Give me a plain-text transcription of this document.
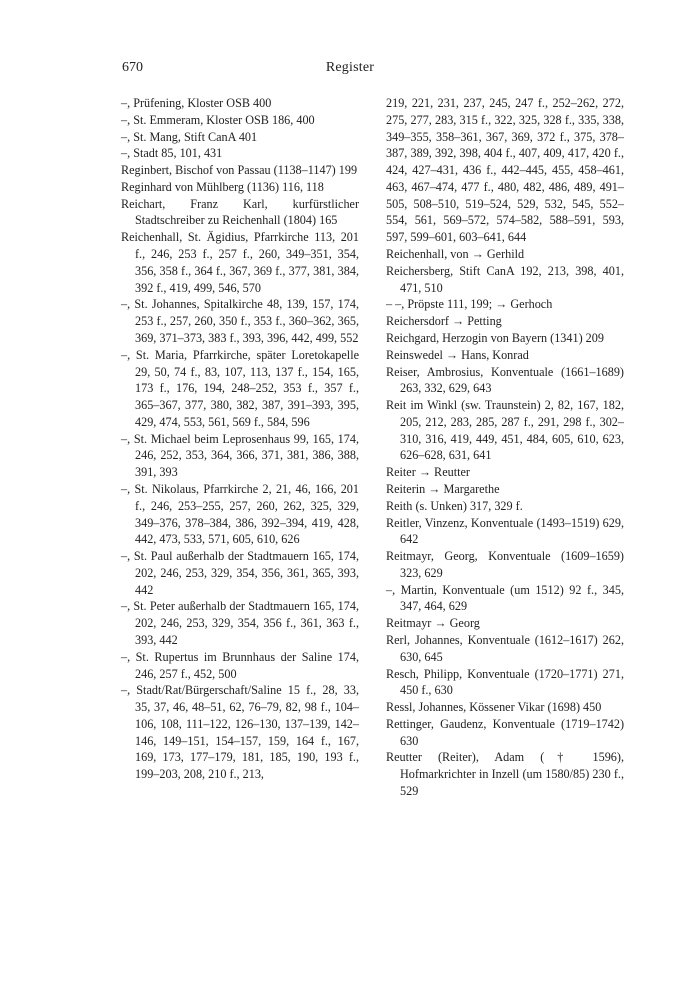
670	Register
–, Prüfening, Kloster OSB 400
–, St. Emmeram, Kloster OSB 186, 400
–, St. Mang, Stift CanA 401
–, Stadt 85, 101, 431
Reginbert, Bischof von Passau (1138–1147) 199
Reginhard von Mühlberg (1136) 116, 118
Reichart, Franz Karl, kurfürstlicher Stadtschreiber zu Reichenhall (1804) 165
Reichenhall, St. Ägidius, Pfarrkirche 113, 201 f., 246, 253 f., 257 f., 260, 349–351, 354, 356, 358 f., 364 f., 367, 369 f., 377, 381, 384, 392 f., 419, 499, 546, 570
–, St. Johannes, Spitalkirche 48, 139, 157, 174, 253 f., 257, 260, 350 f., 353 f., 360–362, 365, 369, 371–373, 383 f., 393, 396, 442, 499, 552
–, St. Maria, Pfarrkirche, später Loretokapelle 29, 50, 74 f., 83, 107, 113, 137 f., 154, 165, 173 f., 176, 194, 248–252, 353 f., 357 f., 365–367, 377, 380, 382, 387, 391–393, 395, 429, 474, 553, 561, 569 f., 584, 596
–, St. Michael beim Leprosenhaus 99, 165, 174, 246, 252, 353, 364, 366, 371, 381, 386, 388, 391, 393
–, St. Nikolaus, Pfarrkirche 2, 21, 46, 166, 201 f., 246, 253–255, 257, 260, 262, 325, 329, 349–376, 378–384, 386, 392–394, 419, 428, 442, 473, 533, 571, 605, 610, 626
–, St. Paul außerhalb der Stadtmauern 165, 174, 202, 246, 253, 329, 354, 356, 361, 365, 393, 442
–, St. Peter außerhalb der Stadtmauern 165, 174, 202, 246, 253, 329, 354, 356 f., 361, 363 f., 393, 442
–, St. Rupertus im Brunnhaus der Saline 174, 246, 257 f., 452, 500
–, Stadt/Rat/Bürgerschaft/Saline 15 f., 28, 33, 35, 37, 46, 48–51, 62, 76–79, 82, 98 f., 104–106, 108, 111–122, 126–130, 137–139, 142–146, 149–151, 154–157, 159, 164 f., 167, 169, 173, 177–179, 181, 185, 190, 193 f., 199–203, 208, 210 f., 213,
219, 221, 231, 237, 245, 247 f., 252–262, 272, 275, 277, 283, 315 f., 322, 325, 328 f., 335, 338, 349–355, 358–361, 367, 369, 372 f., 375, 378–387, 389, 392, 398, 404 f., 407, 409, 417, 420 f., 424, 427–431, 436 f., 442–445, 455, 458–461, 463, 467–474, 477 f., 480, 482, 486, 489, 491–505, 508–510, 519–524, 529, 532, 545, 552–554, 561, 569–572, 574–582, 588–591, 593, 597, 599–601, 603–641, 644
Reichenhall, von → Gerhild
Reichersberg, Stift CanA 192, 213, 398, 401, 471, 510
– –, Pröpste 111, 199; → Gerhoch
Reichersdorf → Petting
Reichgard, Herzogin von Bayern (1341) 209
Reinswedel → Hans, Konrad
Reiser, Ambrosius, Konventuale (1661–1689) 263, 332, 629, 643
Reit im Winkl (sw. Traunstein) 2, 82, 167, 182, 205, 212, 283, 285, 287 f., 291, 298 f., 302–310, 316, 419, 449, 451, 484, 605, 610, 623, 626–628, 631, 641
Reiter → Reutter
Reiterin → Margarethe
Reith (s. Unken) 317, 329 f.
Reitler, Vinzenz, Konventuale (1493–1519) 629, 642
Reitmayr, Georg, Konventuale (1609–1659) 323, 629
–, Martin, Konventuale (um 1512) 92 f., 345, 347, 464, 629
Reitmayr → Georg
Rerl, Johannes, Konventuale (1612–1617) 262, 630, 645
Resch, Philipp, Konventuale (1720–1771) 271, 450 f., 630
Ressl, Johannes, Kössener Vikar (1698) 450
Rettinger, Gaudenz, Konventuale (1719–1742) 630
Reutter (Reiter), Adam († 1596), Hofmarkrichter in Inzell (um 1580/85) 230 f., 529
